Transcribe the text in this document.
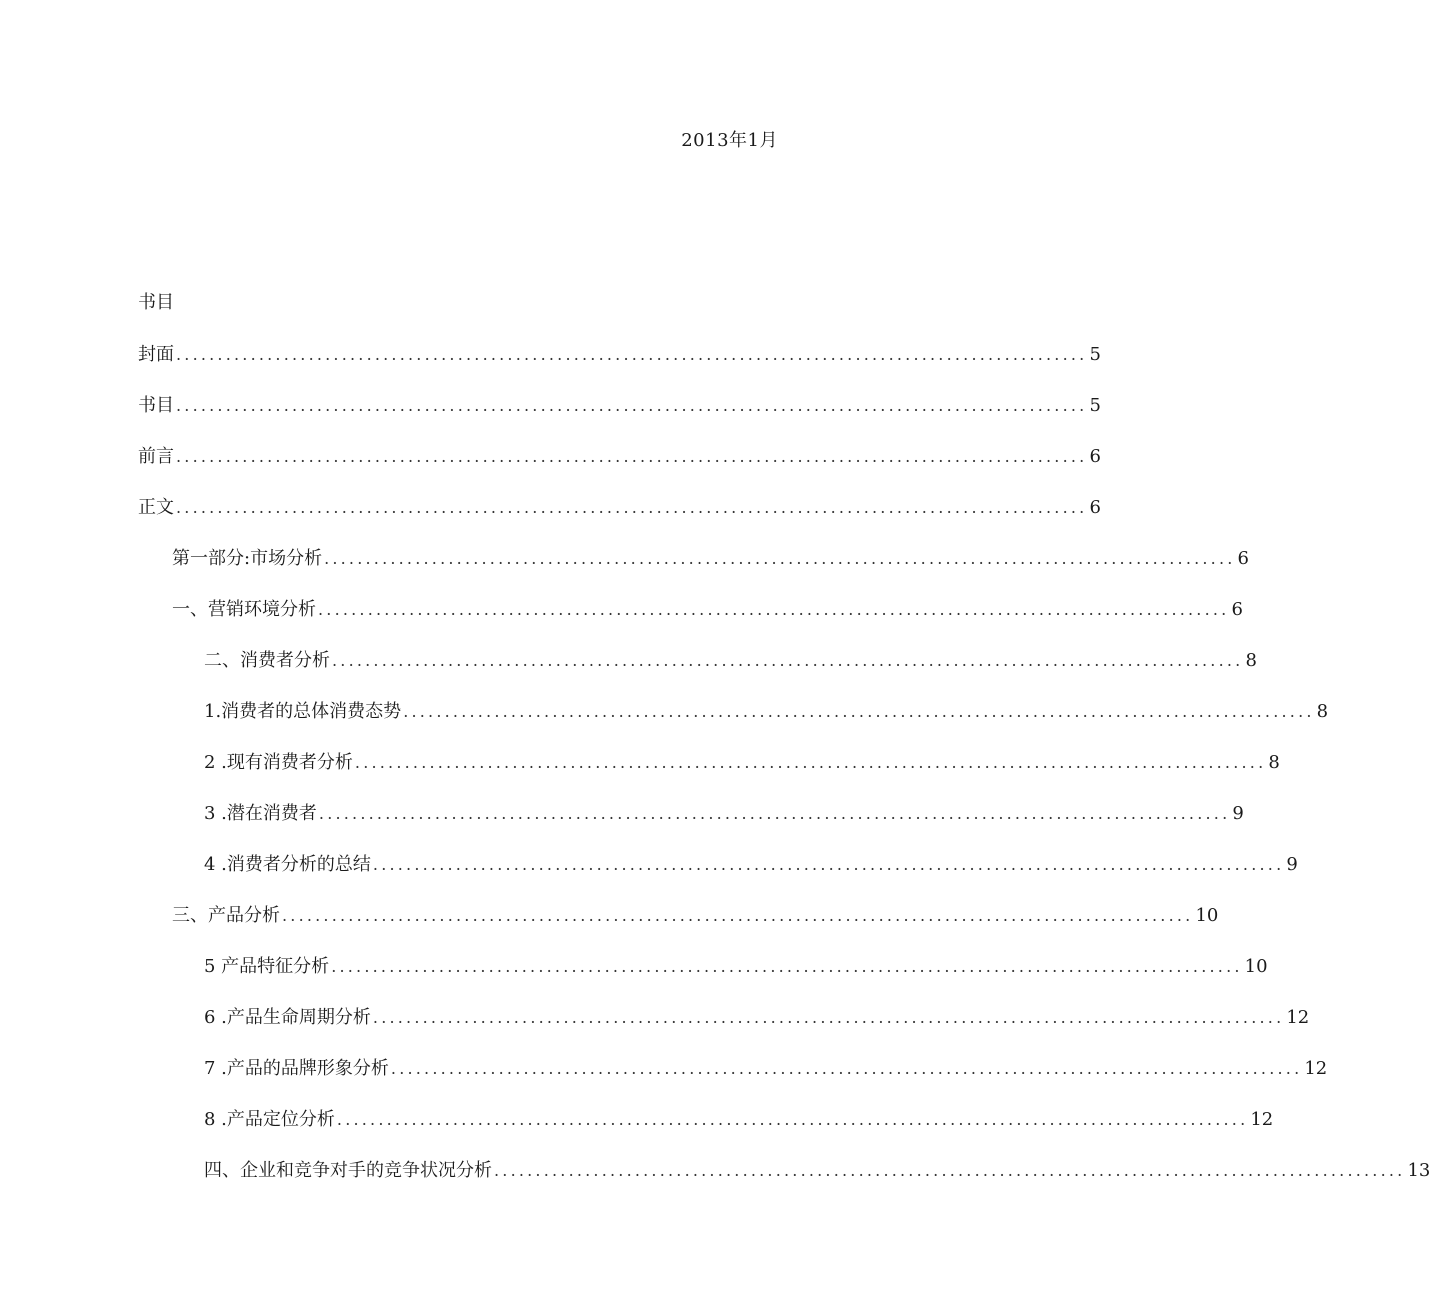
2013年1月
书目
封面 .............................................................................................................. 5
书目 .............................................................................................................. 5
前言 .............................................................................................................. 6
正文 .............................................................................................................. 6
第一部分:市场分析 .............................................................................................................. 6
一、营销环境分析 .............................................................................................................. 6
二、消费者分析 .............................................................................................................. 8
1.消费者的总体消费态势 .............................................................................................................. 8
2 .现有消费者分析 .............................................................................................................. 8
3 .潜在消费者 .............................................................................................................. 9
4 .消费者分析的总结 .............................................................................................................. 9
三、产品分析 .............................................................................................................. 10
5 产品特征分析 .............................................................................................................. 10
6 .产品生命周期分析 .............................................................................................................. 12
7 .产品的品牌形象分析 .............................................................................................................. 12
8 .产品定位分析 .............................................................................................................. 12
四、企业和竞争对手的竞争状况分析 .............................................................................................................. 13
